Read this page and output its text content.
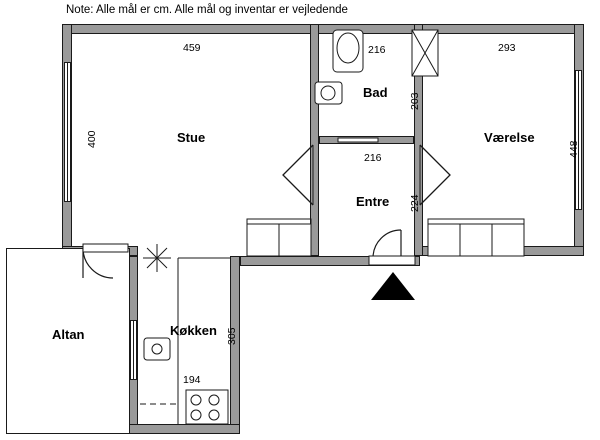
Note: Alle mål er cm. Alle mål og inventar er vejledende
Stue
Bad
Værelse
Entre
Altan	Køkken
459
400
216
203
293
448
216
224
305
194
